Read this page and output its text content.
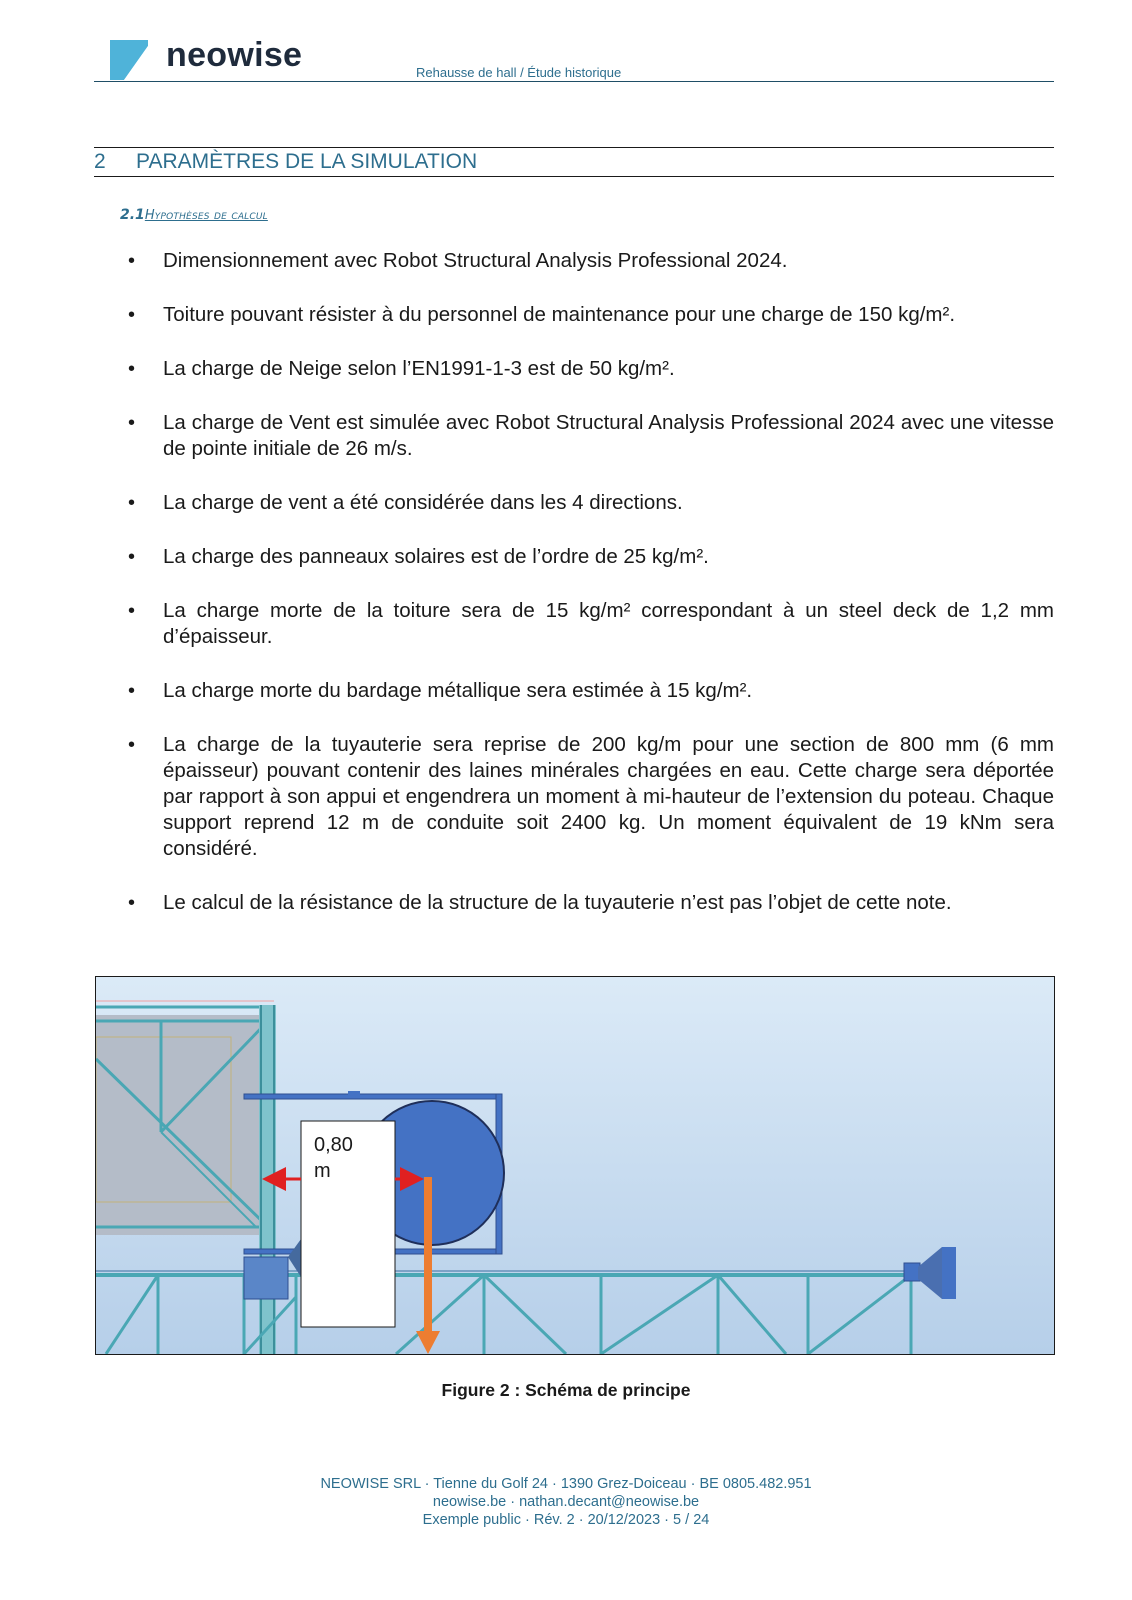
neowise	Rehausse de hall / Étude historique
2 PARAMÈTRES DE LA SIMULATION
2.1Hypothèses de calcul
• Dimensionnement avec Robot Structural Analysis Professional 2024.
• Toiture pouvant résister à du personnel de maintenance pour une charge de 150 kg/m².
• La charge de Neige selon l’EN1991-1-3 est de 50 kg/m².
• La charge de Vent est simulée avec Robot Structural Analysis Professional 2024 avec une vitesse de pointe initiale de 26 m/s.
• La charge de vent a été considérée dans les 4 directions.
• La charge des panneaux solaires est de l’ordre de 25 kg/m².
• La charge morte de la toiture sera de 15 kg/m² correspondant à un steel deck de 1,2 mm d’épaisseur.
• La charge morte du bardage métallique sera estimée à 15 kg/m².
• La charge de la tuyauterie sera reprise de 200 kg/m pour une section de 800 mm (6 mm épaisseur) pouvant contenir des laines minérales chargées en eau. Cette charge sera déportée par rapport à son appui et engendrera un moment à mi-hauteur de l’extension du poteau. Chaque support reprend 12 m de conduite soit 2400 kg. Un moment équivalent de 19 kNm sera considéré.
• Le calcul de la résistance de la structure de la tuyauterie n’est pas l’objet de cette note.
0,80
m
Figure 2 : Schéma de principe
NEOWISE SRL · Tienne du Golf 24 · 1390 Grez-Doiceau · BE 0805.482.951
neowise.be · nathan.decant@neowise.be
Exemple public · Rév. 2 · 20/12/2023 · 5 / 24
